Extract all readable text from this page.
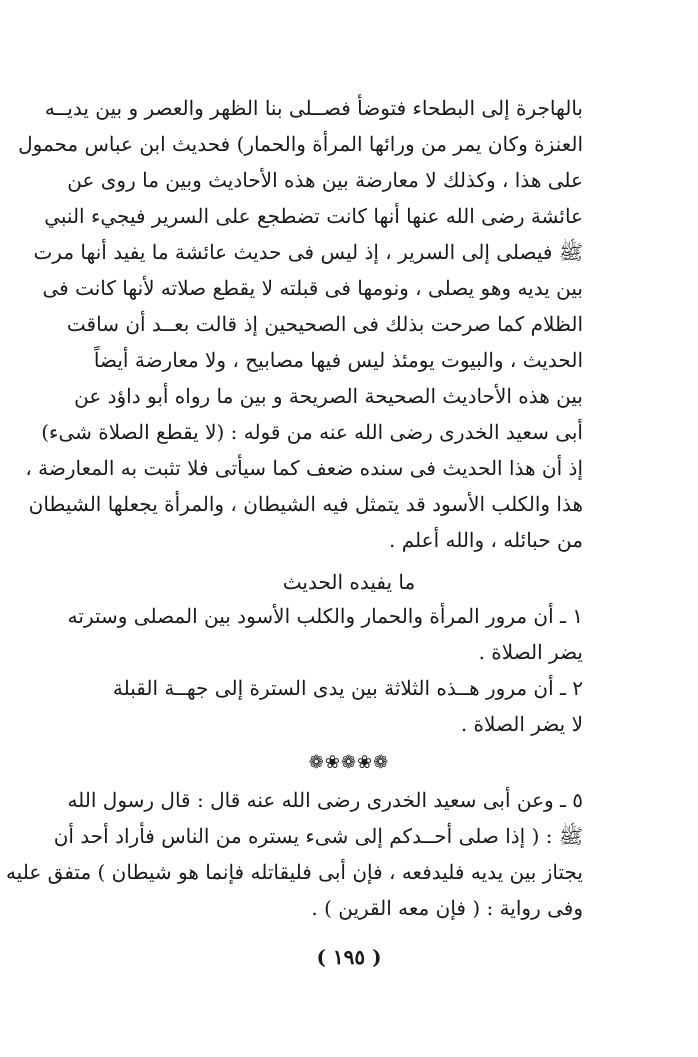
بالهاجرة إلى البطحاء فتوضأ فصــلى بنا الظهر والعصر و بين يديــه
العنزة وكان يمر من ورائها المرأة والحمار) فحديث ابن عباس محمول
على هذا ، وكذلك لا معارضة بين هذه الأحاديث وبين ما روى عن
عائشة رضى الله عنها أنها كانت تضطجع على السرير فيجيء النبي
ﷺ فيصلى إلى السرير ، إذ ليس فى حديث عائشة ما يفيد أنها مرت
بين يديه وهو يصلى ، ونومها فى قبلته لا يقطع صلاته لأنها كانت فى
الظلام كما صرحت بذلك فى الصحيحين إذ قالت بعــد أن ساقت
الحديث ، والبيوت يومئذ ليس فيها مصابيح ، ولا معارضة أيضاً
بين هذه الأحاديث الصحيحة الصريحة و بين ما رواه أبو داؤد عن
أبى سعيد الخدرى رضى الله عنه من قوله : (لا يقطع الصلاة شىء)
إذ أن هذا الحديث فى سنده ضعف كما سيأتى فلا تثبت به المعارضة ،
هذا والكلب الأسود قد يتمثل فيه الشيطان ، والمرأة يجعلها الشيطان
من حبائله ، والله أعلم .
ما يفيده الحديث
١ ـ أن مرور المرأة والحمار والكلب الأسود بين المصلى وسترته
يضر الصلاة .
٢ ـ أن مرور هــذه الثلاثة بين يدى السترة إلى جهــة القبلة
لا يضر الصلاة .
❁❀❁❀❁
٥ ـ وعن أبى سعيد الخدرى رضى الله عنه قال : قال رسول الله
ﷺ : ( إذا صلى أحــدكم إلى شىء يستره من الناس فأراد أحد أن
يجتاز بين يديه فليدفعه ، فإن أبى فليقاتله فإنما هو شيطان ) متفق عليه
وفى رواية : ( فإن معه القرين ) .
( ١٩٥ )
